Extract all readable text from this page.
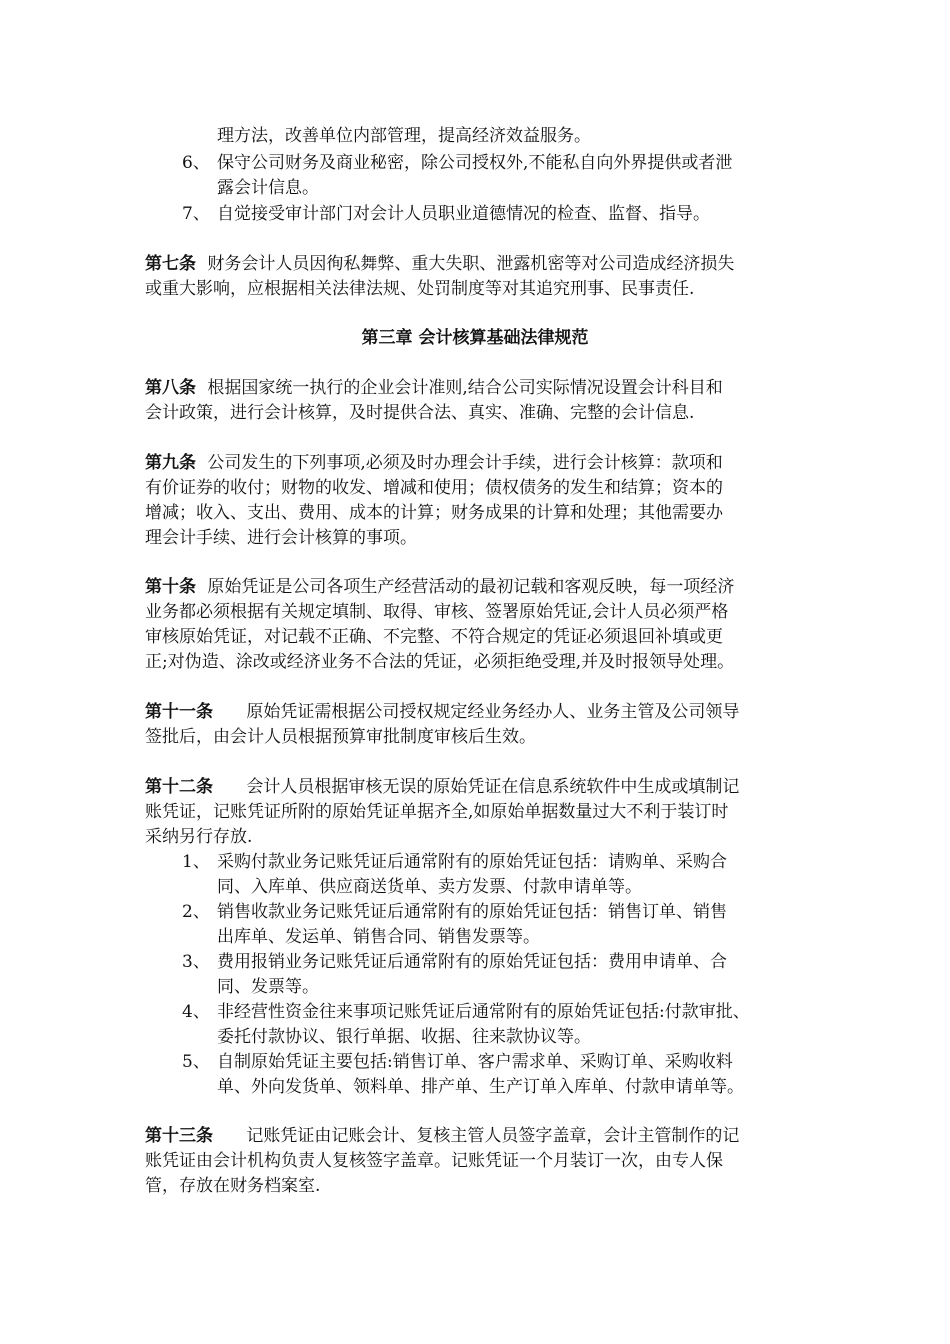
理方法，改善单位内部管理，提高经济效益服务。
6、 保守公司财务及商业秘密，除公司授权外,不能私自向外界提供或者泄
露会计信息。
7、 自觉接受审计部门对会计人员职业道德情况的检查、监督、指导。
第七条 财务会计人员因徇私舞弊、重大失职、泄露机密等对公司造成经济损失
或重大影响，应根据相关法律法规、处罚制度等对其追究刑事、民事责任.
第三章 会计核算基础法律规范
第八条 根据国家统一执行的企业会计准则,结合公司实际情况设置会计科目和
会计政策，进行会计核算，及时提供合法、真实、准确、完整的会计信息.
第九条 公司发生的下列事项,必须及时办理会计手续，进行会计核算：款项和
有价证券的收付；财物的收发、增减和使用；债权债务的发生和结算；资本的
增减；收入、支出、费用、成本的计算；财务成果的计算和处理；其他需要办
理会计手续、进行会计核算的事项。
第十条 原始凭证是公司各项生产经营活动的最初记载和客观反映，每一项经济
业务都必须根据有关规定填制、取得、审核、签署原始凭证,会计人员必须严格
审核原始凭证，对记载不正确、不完整、不符合规定的凭证必须退回补填或更
正;对伪造、涂改或经济业务不合法的凭证，必须拒绝受理,并及时报领导处理。
第十一条 原始凭证需根据公司授权规定经业务经办人、业务主管及公司领导
签批后，由会计人员根据预算审批制度审核后生效。
第十二条 会计人员根据审核无误的原始凭证在信息系统软件中生成或填制记
账凭证，记账凭证所附的原始凭证单据齐全,如原始单据数量过大不利于装订时
采纳另行存放.
1、 采购付款业务记账凭证后通常附有的原始凭证包括：请购单、采购合
同、入库单、供应商送货单、卖方发票、付款申请单等。
2、 销售收款业务记账凭证后通常附有的原始凭证包括：销售订单、销售
出库单、发运单、销售合同、销售发票等。
3、 费用报销业务记账凭证后通常附有的原始凭证包括：费用申请单、合
同、发票等。
4、 非经营性资金往来事项记账凭证后通常附有的原始凭证包括:付款审批、
委托付款协议、银行单据、收据、往来款协议等。
5、 自制原始凭证主要包括:销售订单、客户需求单、采购订单、采购收料
单、外向发货单、领料单、排产单、生产订单入库单、付款申请单等。
第十三条 记账凭证由记账会计、复核主管人员签字盖章，会计主管制作的记
账凭证由会计机构负责人复核签字盖章。记账凭证一个月装订一次，由专人保
管，存放在财务档案室.
